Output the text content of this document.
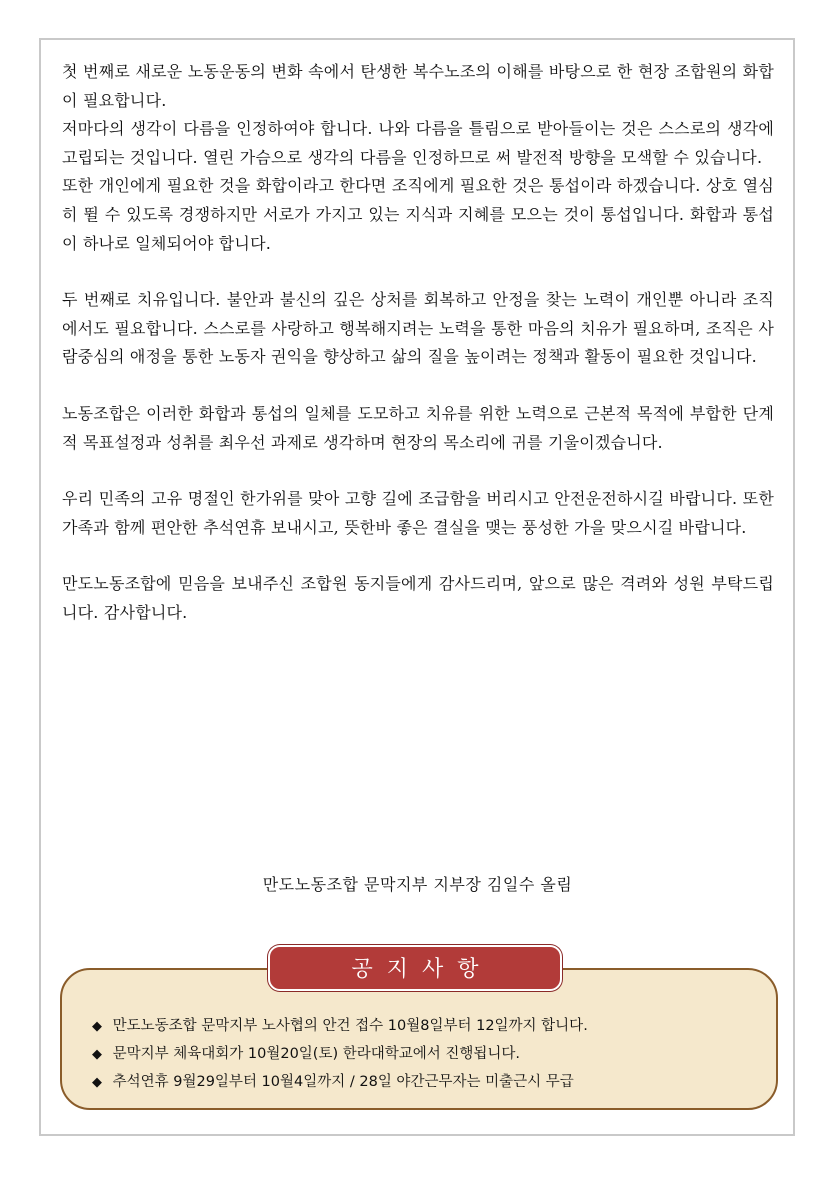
첫 번째로 새로운 노동운동의 변화 속에서 탄생한 복수노조의 이해를 바탕으로 한 현장 조합원의 화합이 필요합니다.

저마다의 생각이 다름을 인정하여야 합니다. 나와 다름을 틀림으로 받아들이는 것은 스스로의 생각에 고립되는 것입니다. 열린 가슴으로 생각의 다름을 인정하므로 써 발전적 방향을 모색할 수 있습니다.

또한 개인에게 필요한 것을 화합이라고 한다면 조직에게 필요한 것은 통섭이라 하겠습니다. 상호 열심히 뛸 수 있도록 경쟁하지만 서로가 가지고 있는 지식과 지혜를 모으는 것이 통섭입니다. 화합과 통섭이 하나로 일체되어야 합니다.

두 번째로 치유입니다. 불안과 불신의 깊은 상처를 회복하고 안정을 찾는 노력이 개인뿐 아니라 조직에서도 필요합니다. 스스로를 사랑하고 행복해지려는 노력을 통한 마음의 치유가 필요하며, 조직은 사람중심의 애정을 통한 노동자 권익을 향상하고 삶의 질을 높이려는 정책과 활동이 필요한 것입니다.

노동조합은 이러한 화합과 통섭의 일체를 도모하고 치유를 위한 노력으로 근본적 목적에 부합한 단계적 목표설정과 성취를 최우선 과제로 생각하며 현장의 목소리에 귀를 기울이겠습니다.

우리 민족의 고유 명절인 한가위를 맞아 고향 길에 조급함을 버리시고 안전운전하시길 바랍니다. 또한 가족과 함께 편안한 추석연휴 보내시고, 뜻한바 좋은 결실을 맺는 풍성한 가을 맞으시길 바랍니다.

만도노동조합에 믿음을 보내주신 조합원 동지들에게 감사드리며, 앞으로 많은 격려와 성원 부탁드립니다. 감사합니다.

만도노동조합 문막지부 지부장 김일수 올림
공지사항
◆ 만도노동조합 문막지부 노사협의 안건 접수 10월8일부터 12일까지 합니다.
◆ 문막지부 체육대회가 10월20일(토) 한라대학교에서 진행됩니다.
◆ 추석연휴 9월29일부터 10월4일까지 / 28일 야간근무자는 미출근시 무급
